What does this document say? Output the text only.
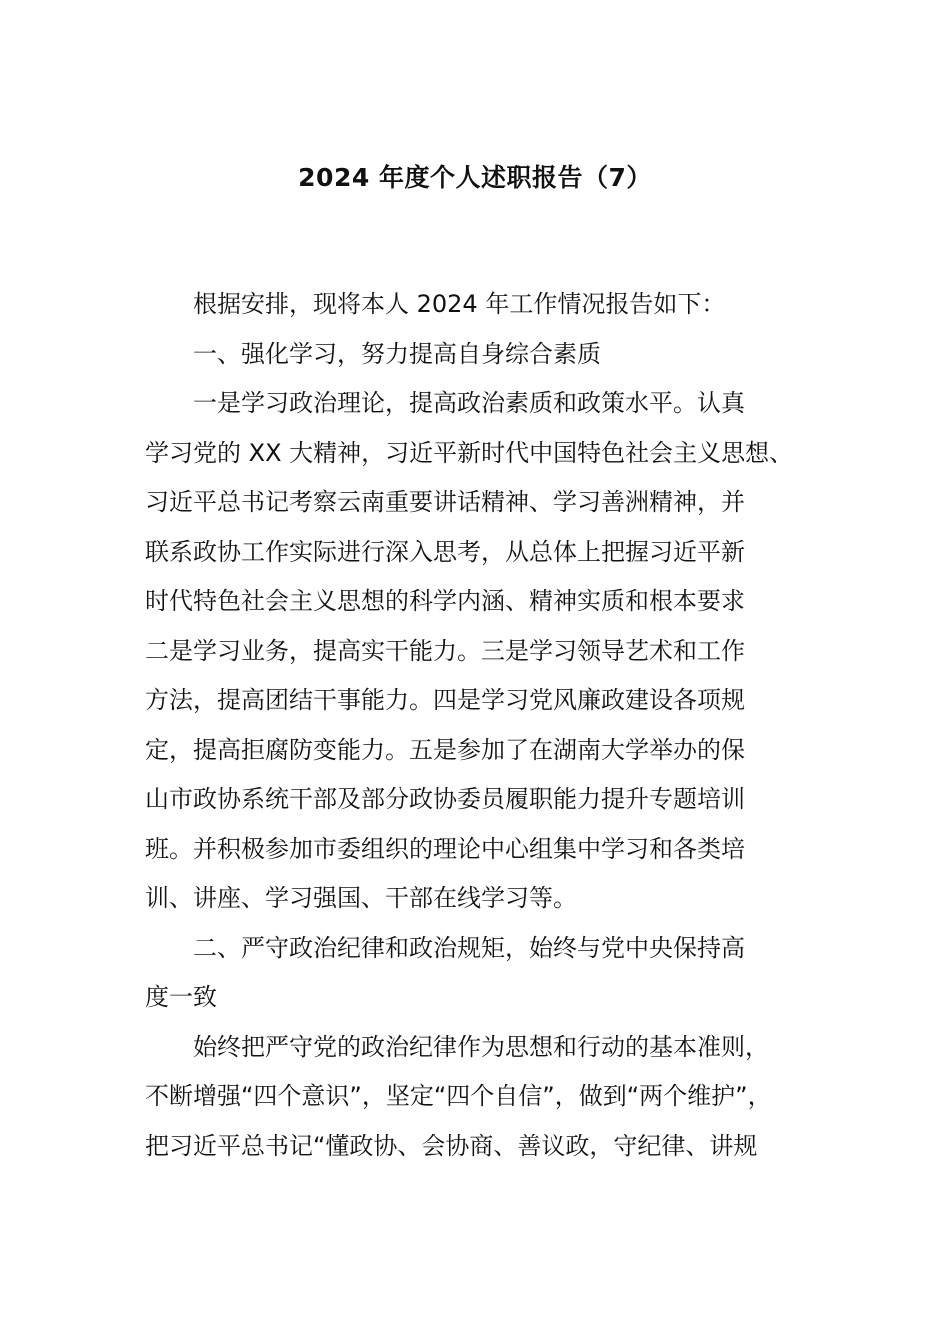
2024 年度个人述职报告（7）
根据安排，现将本人 2024 年工作情况报告如下：
一、强化学习，努力提高自身综合素质
一是学习政治理论，提高政治素质和政策水平。认真
学习党的 XX 大精神，习近平新时代中国特色社会主义思想、
习近平总书记考察云南重要讲话精神、学习善洲精神，并
联系政协工作实际进行深入思考，从总体上把握习近平新
时代特色社会主义思想的科学内涵、精神实质和根本要求
二是学习业务，提高实干能力。三是学习领导艺术和工作
方法，提高团结干事能力。四是学习党风廉政建设各项规
定，提高拒腐防变能力。五是参加了在湖南大学举办的保
山市政协系统干部及部分政协委员履职能力提升专题培训
班。并积极参加市委组织的理论中心组集中学习和各类培
训、讲座、学习强国、干部在线学习等。
二、严守政治纪律和政治规矩，始终与党中央保持高
度一致
始终把严守党的政治纪律作为思想和行动的基本准则，
不断增强“四个意识”，坚定“四个自信”，做到“两个维护”，
把习近平总书记“懂政协、会协商、善议政，守纪律、讲规
